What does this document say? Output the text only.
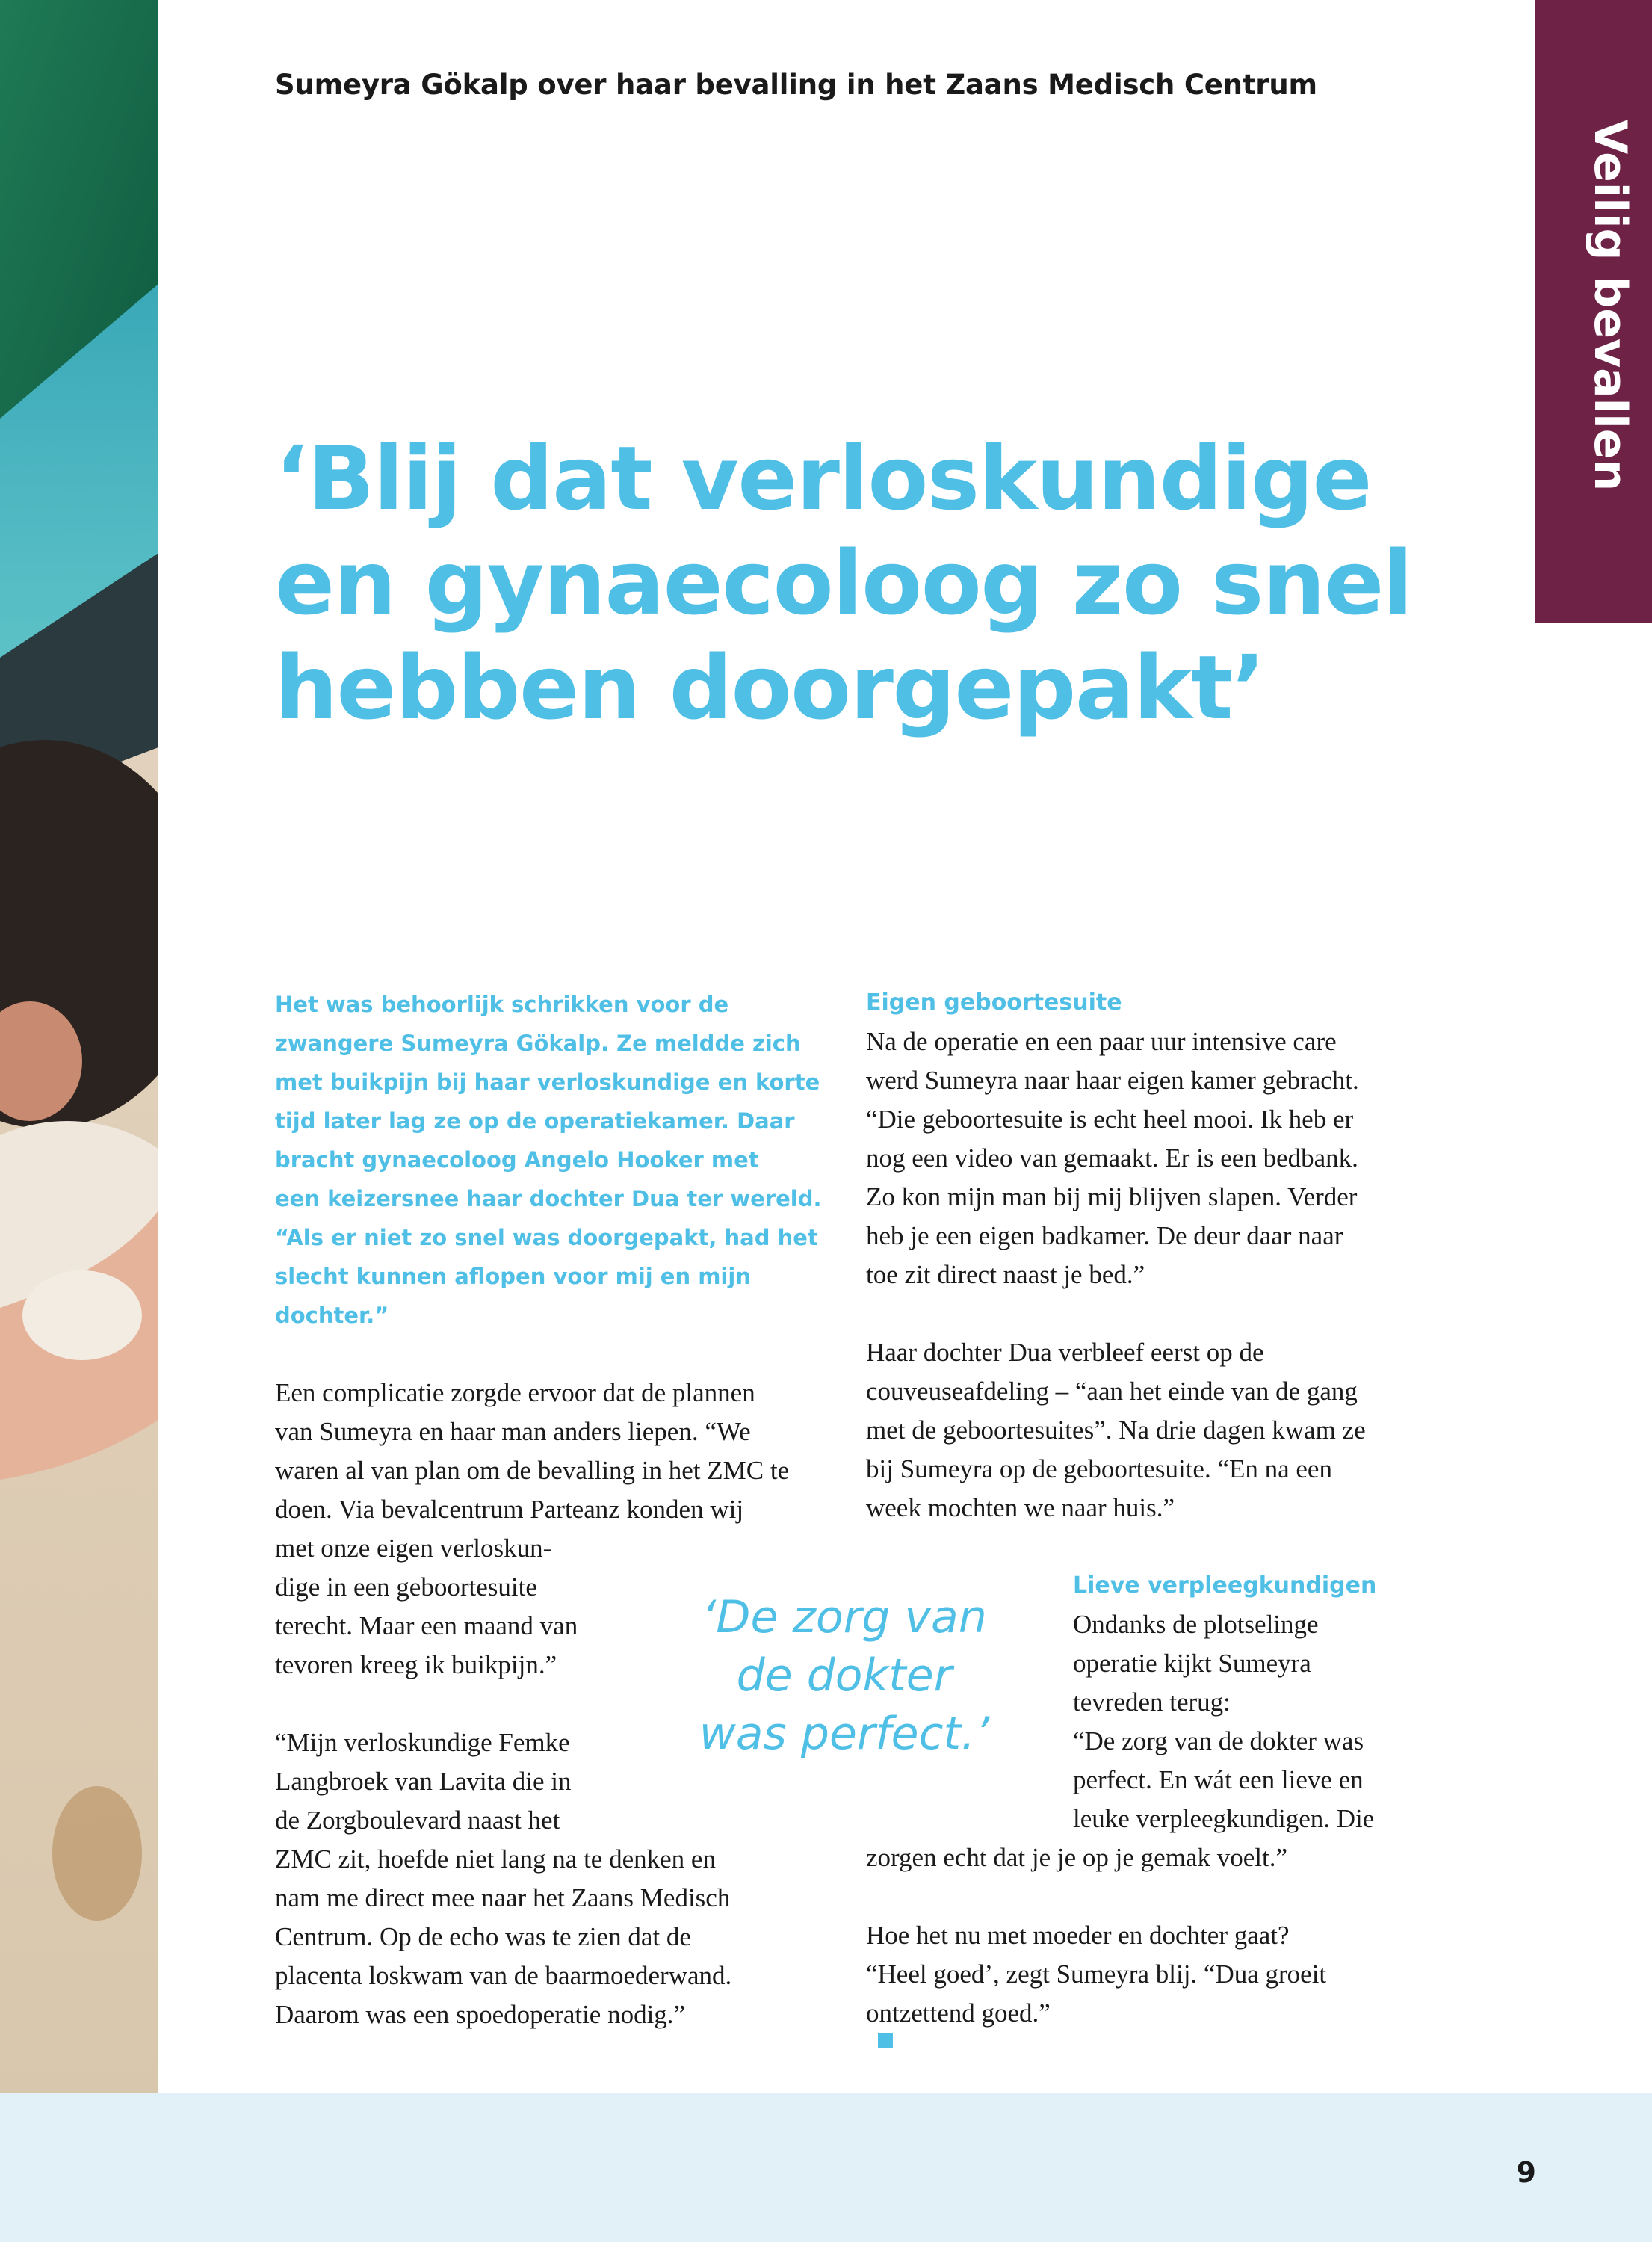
Veilig bevallen

Sumeyra Gökalp over haar bevalling in het Zaans Medisch Centrum

‘Blij dat verloskundige
en gynaecoloog zo snel
hebben doorgepakt’

Het was behoorlijk schrikken voor de
zwangere Sumeyra Gökalp. Ze meldde zich
met buikpijn bij haar verloskundige en korte
tijd later lag ze op de operatiekamer. Daar
bracht gynaecoloog Angelo Hooker met
een keizersnee haar dochter Dua ter wereld.
“Als er niet zo snel was doorgepakt, had het
slecht kunnen aflopen voor mij en mijn
dochter.”

Een complicatie zorgde ervoor dat de plannen
van Sumeyra en haar man anders liepen. “We
waren al van plan om de bevalling in het ZMC te
doen. Via bevalcentrum Parteanz konden wij
met onze eigen verloskun-
dige in een geboortesuite
terecht. Maar een maand van
tevoren kreeg ik buikpijn.”

“Mijn verloskundige Femke
Langbroek van Lavita die in
de Zorgboulevard naast het
ZMC zit, hoefde niet lang na te denken en
nam me direct mee naar het Zaans Medisch
Centrum. Op de echo was te zien dat de
placenta loskwam van de baarmoederwand.
Daarom was een spoedoperatie nodig.”

‘De zorg van
de dokter
was perfect.’

Eigen geboortesuite

Na de operatie en een paar uur intensive care
werd Sumeyra naar haar eigen kamer gebracht.
“Die geboortesuite is echt heel mooi. Ik heb er
nog een video van gemaakt. Er is een bedbank.
Zo kon mijn man bij mij blijven slapen. Verder
heb je een eigen badkamer. De deur daar naar
toe zit direct naast je bed.”

Haar dochter Dua verbleef eerst op de
couveuseafdeling – “aan het einde van de gang
met de geboortesuites”. Na drie dagen kwam ze
bij Sumeyra op de geboortesuite. “En na een
week mochten we naar huis.”

Lieve verpleegkundigen

Ondanks de plotselinge
operatie kijkt Sumeyra
tevreden terug:
“De zorg van de dokter was
perfect. En wát een lieve en
leuke verpleegkundigen. Die

zorgen echt dat je je op je gemak voelt.”

Hoe het nu met moeder en dochter gaat?
“Heel goed’, zegt Sumeyra blij. “Dua groeit
ontzettend goed.”

9
